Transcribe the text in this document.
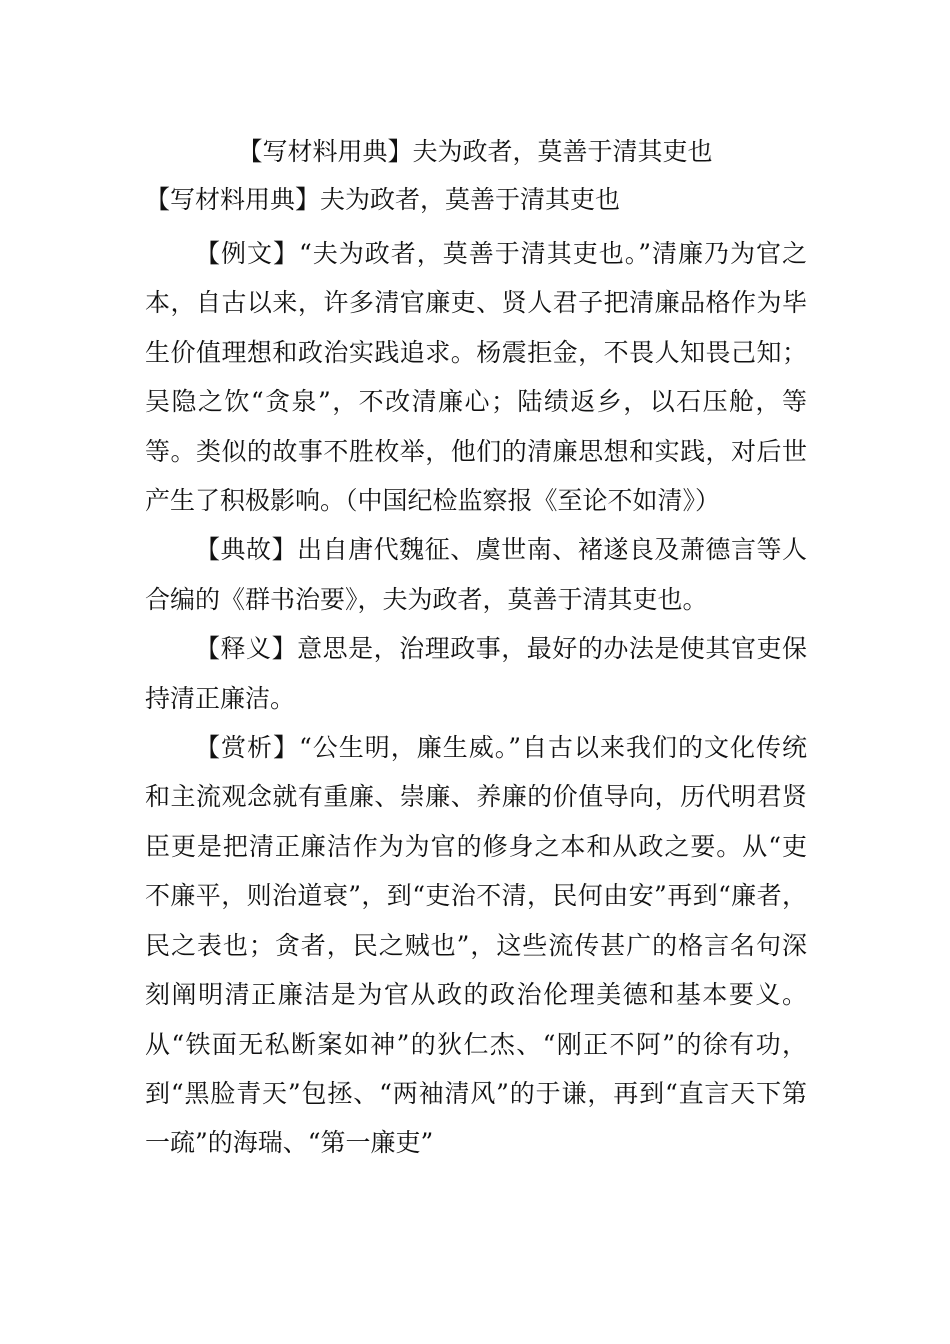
【写材料用典】夫为政者，莫善于清其吏也
【写材料用典】夫为政者，莫善于清其吏也

【例文】“夫为政者，莫善于清其吏也。”清廉乃为官之本，自古以来，许多清官廉吏、贤人君子把清廉品格作为毕生价值理想和政治实践追求。杨震拒金，不畏人知畏己知；吴隐之饮“贪泉”，不改清廉心；陆绩返乡，以石压舱，等等。类似的故事不胜枚举，他们的清廉思想和实践，对后世产生了积极影响。（中国纪检监察报《至论不如清》）

【典故】出自唐代魏征、虞世南、褚遂良及萧德言等人合编的《群书治要》，夫为政者，莫善于清其吏也。

【释义】意思是，治理政事，最好的办法是使其官吏保持清正廉洁。

【赏析】“公生明，廉生威。”自古以来我们的文化传统和主流观念就有重廉、崇廉、养廉的价值导向，历代明君贤臣更是把清正廉洁作为为官的修身之本和从政之要。从“吏不廉平，则治道衰”，到“吏治不清，民何由安”再到“廉者，民之表也；贪者，民之贼也”，这些流传甚广的格言名句深刻阐明清正廉洁是为官从政的政治伦理美德和基本要义。从“铁面无私断案如神”的狄仁杰、“刚正不阿”的徐有功，到“黑脸青天”包拯、“两袖清风”的于谦，再到“直言天下第一疏”的海瑞、“第一廉吏”
